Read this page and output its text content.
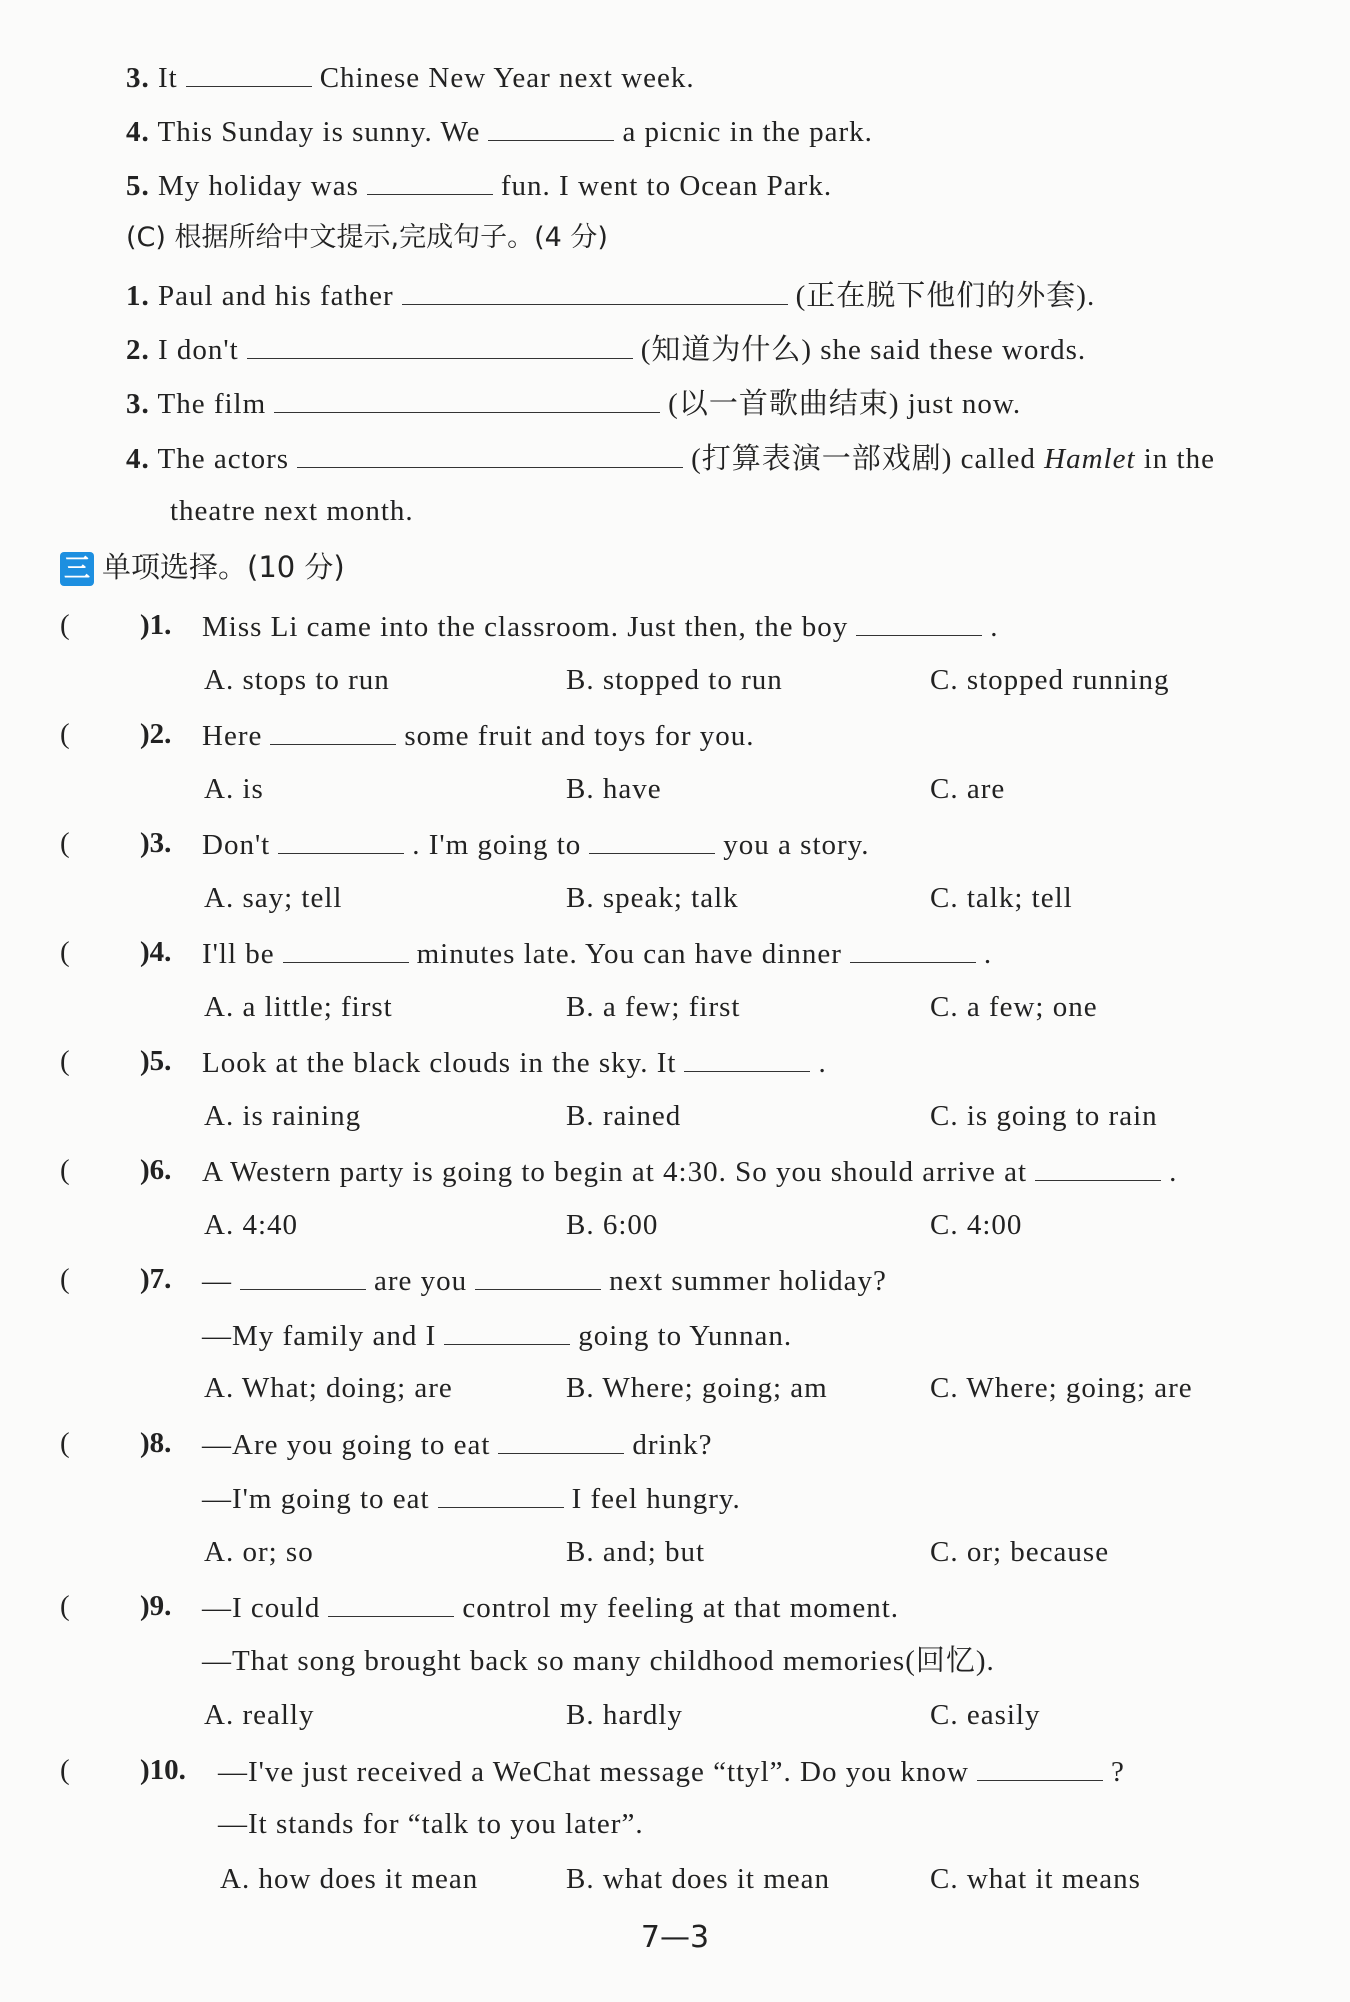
3. It	Chinese New Year next week.
4. This Sunday is sunny. We	a picnic in the park.
5. My holiday was	fun. I went to Ocean Park.
(C) 根据所给中文提示,完成句子。(4 分)
1. Paul and his father	(正在脱下他们的外套).
2. I don't	(知道为什么) she said these words.
3. The film	(以一首歌曲结束) just now.
4. The actors	(打算表演一部戏剧) called Hamlet in the
theatre next month.
三 单项选择。(10 分)
( )1. Miss Li came into the classroom. Just then, the boy	.
A. stops to run	B. stopped to run	C. stopped running
( )2. Here	some fruit and toys for you.
A. is	B. have	C. are
( )3. Don't	. I'm going to	you a story.
A. say; tell	B. speak; talk	C. talk; tell
( )4. I'll be	minutes late. You can have dinner	.
A. a little; first	B. a few; first	C. a few; one
( )5. Look at the black clouds in the sky. It	.
A. is raining	B. rained	C. is going to rain
( )6. A Western party is going to begin at 4:30. So you should arrive at	.
A. 4:40	B. 6:00	C. 4:00
( )7. —	are you	next summer holiday?
—My family and I	going to Yunnan.
A. What; doing; are	B. Where; going; am	C. Where; going; are
( )8. —Are you going to eat	drink?
—I'm going to eat	I feel hungry.
A. or; so	B. and; but	C. or; because
( )9. —I could	control my feeling at that moment.
—That song brought back so many childhood memories(回忆).
A. really	B. hardly	C. easily
( )10. —I've just received a WeChat message “ttyl”. Do you know	?
—It stands for “talk to you later”.
A. how does it mean	B. what does it mean	C. what it means
7—3
